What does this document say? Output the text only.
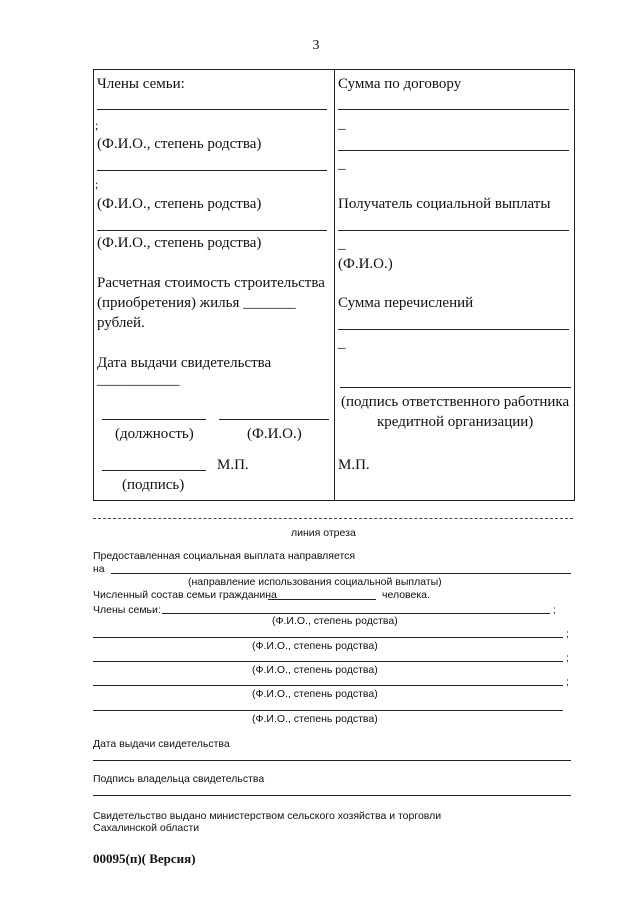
3
Члены семьи:
;
(Ф.И.О., степень родства)
;
(Ф.И.О., степень родства)
(Ф.И.О., степень родства)
Расчетная стоимость строительства
(приобретения) жилья _______
рублей.
Дата выдачи свидетельства
___________
(должность)	(Ф.И.О.)
М.П.
(подпись)
Сумма по договору
_
_
Получатель социальной выплаты
_
(Ф.И.О.)
Сумма перечислений
_
(подпись ответственного работника
кредитной организации)
М.П.
линия отреза
Предоставленная социальная выплата направляется
на
(направление использования социальной выплаты)
Численный состав семьи гражданина	человека.
Члены семьи:	;
(Ф.И.О., степень родства)
;
(Ф.И.О., степень родства)
;
(Ф.И.О., степень родства)
;
(Ф.И.О., степень родства)
(Ф.И.О., степень родства)
Дата выдачи свидетельства
Подпись владельца свидетельства
Свидетельство выдано министерством сельского хозяйства и торговли
Сахалинской области
00095(п)( Версия)
